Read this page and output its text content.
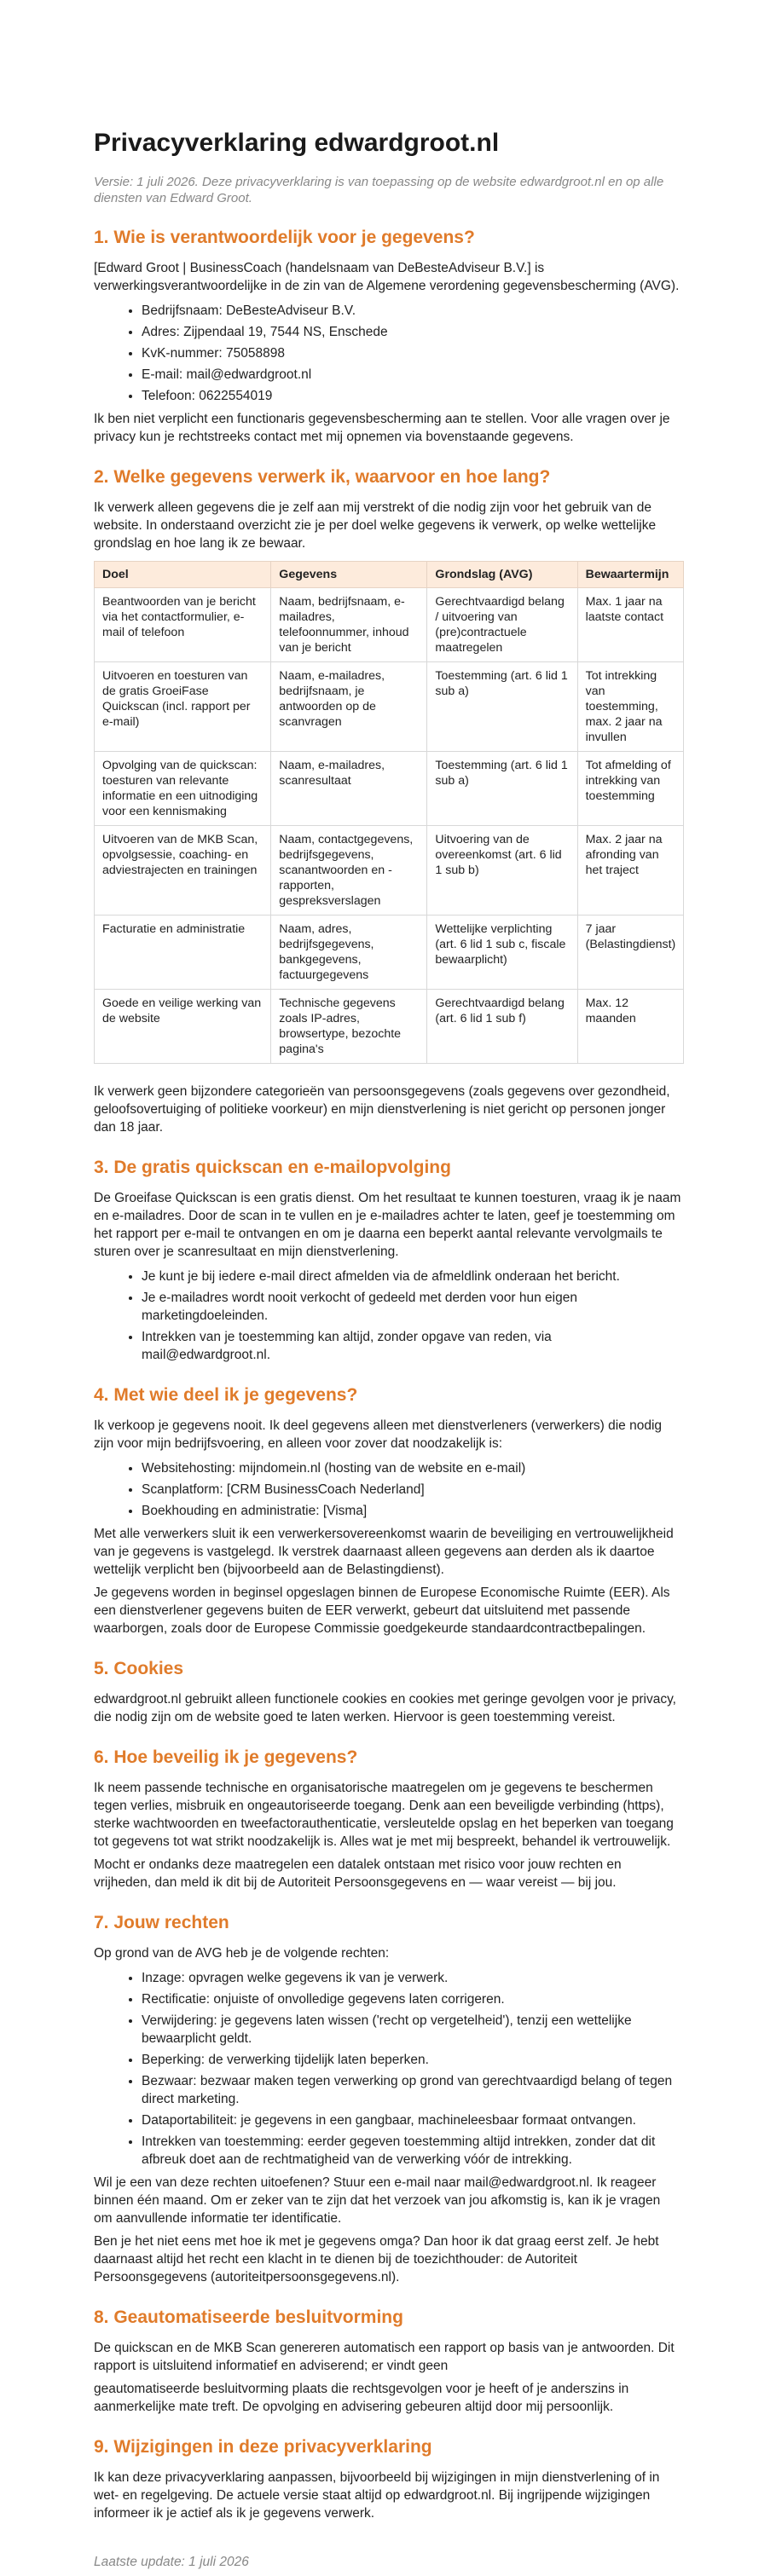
Privacyverklaring edwardgroot.nl

Versie: 1 juli 2026. Deze privacyverklaring is van toepassing op de website edwardgroot.nl en op alle diensten van Edward Groot.

1. Wie is verantwoordelijk voor je gegevens?

[Edward Groot | BusinessCoach (handelsnaam van DeBesteAdviseur B.V.] is verwerkingsverantwoordelijke in de zin van de Algemene verordening gegevensbescherming (AVG).

• Bedrijfsnaam: DeBesteAdviseur B.V.
• Adres: Zijpendaal 19, 7544 NS, Enschede
• KvK-nummer: 75058898
• E-mail: mail@edwardgroot.nl
• Telefoon: 0622554019

Ik ben niet verplicht een functionaris gegevensbescherming aan te stellen. Voor alle vragen over je privacy kun je rechtstreeks contact met mij opnemen via bovenstaande gegevens.

2. Welke gegevens verwerk ik, waarvoor en hoe lang?

Ik verwerk alleen gegevens die je zelf aan mij verstrekt of die nodig zijn voor het gebruik van de website. In onderstaand overzicht zie je per doel welke gegevens ik verwerk, op welke wettelijke grondslag en hoe lang ik ze bewaar.

Doel	Gegevens	Grondslag (AVG)	Bewaartermijn
Beantwoorden van je bericht via het contactformulier, e-mail of telefoon	Naam, bedrijfsnaam, e-mailadres, telefoonnummer, inhoud van je bericht	Gerechtvaardigd belang / uitvoering van (pre)contractuele maatregelen	Max. 1 jaar na laatste contact
Uitvoeren en toesturen van de gratis GroeiFase Quickscan (incl. rapport per e-mail)	Naam, e-mailadres, bedrijfsnaam, je antwoorden op de scanvragen	Toestemming (art. 6 lid 1 sub a)	Tot intrekking van toestemming, max. 2 jaar na invullen
Opvolging van de quickscan: toesturen van relevante informatie en een uitnodiging voor een kennismaking	Naam, e-mailadres, scanresultaat	Toestemming (art. 6 lid 1 sub a)	Tot afmelding of intrekking van toestemming
Uitvoeren van de MKB Scan, opvolgsessie, coaching- en adviestrajecten en trainingen	Naam, contactgegevens, bedrijfsgegevens, scanantwoorden en -rapporten, gespreksverslagen	Uitvoering van de overeenkomst (art. 6 lid 1 sub b)	Max. 2 jaar na afronding van het traject
Facturatie en administratie	Naam, adres, bedrijfsgegevens, bankgegevens, factuurgegevens	Wettelijke verplichting (art. 6 lid 1 sub c, fiscale bewaarplicht)	7 jaar (Belastingdienst)
Goede en veilige werking van de website	Technische gegevens zoals IP-adres, browsertype, bezochte pagina's	Gerechtvaardigd belang (art. 6 lid 1 sub f)	Max. 12 maanden

Ik verwerk geen bijzondere categorieën van persoonsgegevens (zoals gegevens over gezondheid, geloofsovertuiging of politieke voorkeur) en mijn dienstverlening is niet gericht op personen jonger dan 18 jaar.

3. De gratis quickscan en e-mailopvolging

De Groeifase Quickscan is een gratis dienst. Om het resultaat te kunnen toesturen, vraag ik je naam en e-mailadres. Door de scan in te vullen en je e-mailadres achter te laten, geef je toestemming om het rapport per e-mail te ontvangen en om je daarna een beperkt aantal relevante vervolgmails te sturen over je scanresultaat en mijn dienstverlening.

• Je kunt je bij iedere e-mail direct afmelden via de afmeldlink onderaan het bericht.
• Je e-mailadres wordt nooit verkocht of gedeeld met derden voor hun eigen marketingdoeleinden.
• Intrekken van je toestemming kan altijd, zonder opgave van reden, via mail@edwardgroot.nl.
4. Met wie deel ik je gegevens?

Ik verkoop je gegevens nooit. Ik deel gegevens alleen met dienstverleners (verwerkers) die nodig zijn voor mijn bedrijfsvoering, en alleen voor zover dat noodzakelijk is:

• Websitehosting: mijndomein.nl (hosting van de website en e-mail)
• Scanplatform: [CRM BusinessCoach Nederland]
• Boekhouding en administratie: [Visma]

Met alle verwerkers sluit ik een verwerkersovereenkomst waarin de beveiliging en vertrouwelijkheid van je gegevens is vastgelegd. Ik verstrek daarnaast alleen gegevens aan derden als ik daartoe wettelijk verplicht ben (bijvoorbeeld aan de Belastingdienst).

Je gegevens worden in beginsel opgeslagen binnen de Europese Economische Ruimte (EER). Als een dienstverlener gegevens buiten de EER verwerkt, gebeurt dat uitsluitend met passende waarborgen, zoals door de Europese Commissie goedgekeurde standaardcontractbepalingen.

5. Cookies

edwardgroot.nl gebruikt alleen functionele cookies en cookies met geringe gevolgen voor je privacy, die nodig zijn om de website goed te laten werken. Hiervoor is geen toestemming vereist.

6. Hoe beveilig ik je gegevens?

Ik neem passende technische en organisatorische maatregelen om je gegevens te beschermen tegen verlies, misbruik en ongeautoriseerde toegang. Denk aan een beveiligde verbinding (https), sterke wachtwoorden en tweefactorauthenticatie, versleutelde opslag en het beperken van toegang tot gegevens tot wat strikt noodzakelijk is. Alles wat je met mij bespreekt, behandel ik vertrouwelijk.

Mocht er ondanks deze maatregelen een datalek ontstaan met risico voor jouw rechten en vrijheden, dan meld ik dit bij de Autoriteit Persoonsgegevens en — waar vereist — bij jou.

7. Jouw rechten

Op grond van de AVG heb je de volgende rechten:

• Inzage: opvragen welke gegevens ik van je verwerk.
• Rectificatie: onjuiste of onvolledige gegevens laten corrigeren.
• Verwijdering: je gegevens laten wissen ('recht op vergetelheid'), tenzij een wettelijke bewaarplicht geldt.
• Beperking: de verwerking tijdelijk laten beperken.
• Bezwaar: bezwaar maken tegen verwerking op grond van gerechtvaardigd belang of tegen direct marketing.
• Dataportabiliteit: je gegevens in een gangbaar, machineleesbaar formaat ontvangen.
• Intrekken van toestemming: eerder gegeven toestemming altijd intrekken, zonder dat dit afbreuk doet aan de rechtmatigheid van de verwerking vóór de intrekking.

Wil je een van deze rechten uitoefenen? Stuur een e-mail naar mail@edwardgroot.nl. Ik reageer binnen één maand. Om er zeker van te zijn dat het verzoek van jou afkomstig is, kan ik je vragen om aanvullende informatie ter identificatie.

Ben je het niet eens met hoe ik met je gegevens omga? Dan hoor ik dat graag eerst zelf. Je hebt daarnaast altijd het recht een klacht in te dienen bij de toezichthouder: de Autoriteit Persoonsgegevens (autoriteitpersoonsgegevens.nl).

8. Geautomatiseerde besluitvorming

De quickscan en de MKB Scan genereren automatisch een rapport op basis van je antwoorden. Dit rapport is uitsluitend informatief en adviserend; er vindt geen

geautomatiseerde besluitvorming plaats die rechtsgevolgen voor je heeft of je anderszins in aanmerkelijke mate treft. De opvolging en advisering gebeuren altijd door mij persoonlijk.

9. Wijzigingen in deze privacyverklaring

Ik kan deze privacyverklaring aanpassen, bijvoorbeeld bij wijzigingen in mijn dienstverlening of in wet- en regelgeving. De actuele versie staat altijd op edwardgroot.nl. Bij ingrijpende wijzigingen informeer ik je actief als ik je gegevens verwerk.

Laatste update: 1 juli 2026
